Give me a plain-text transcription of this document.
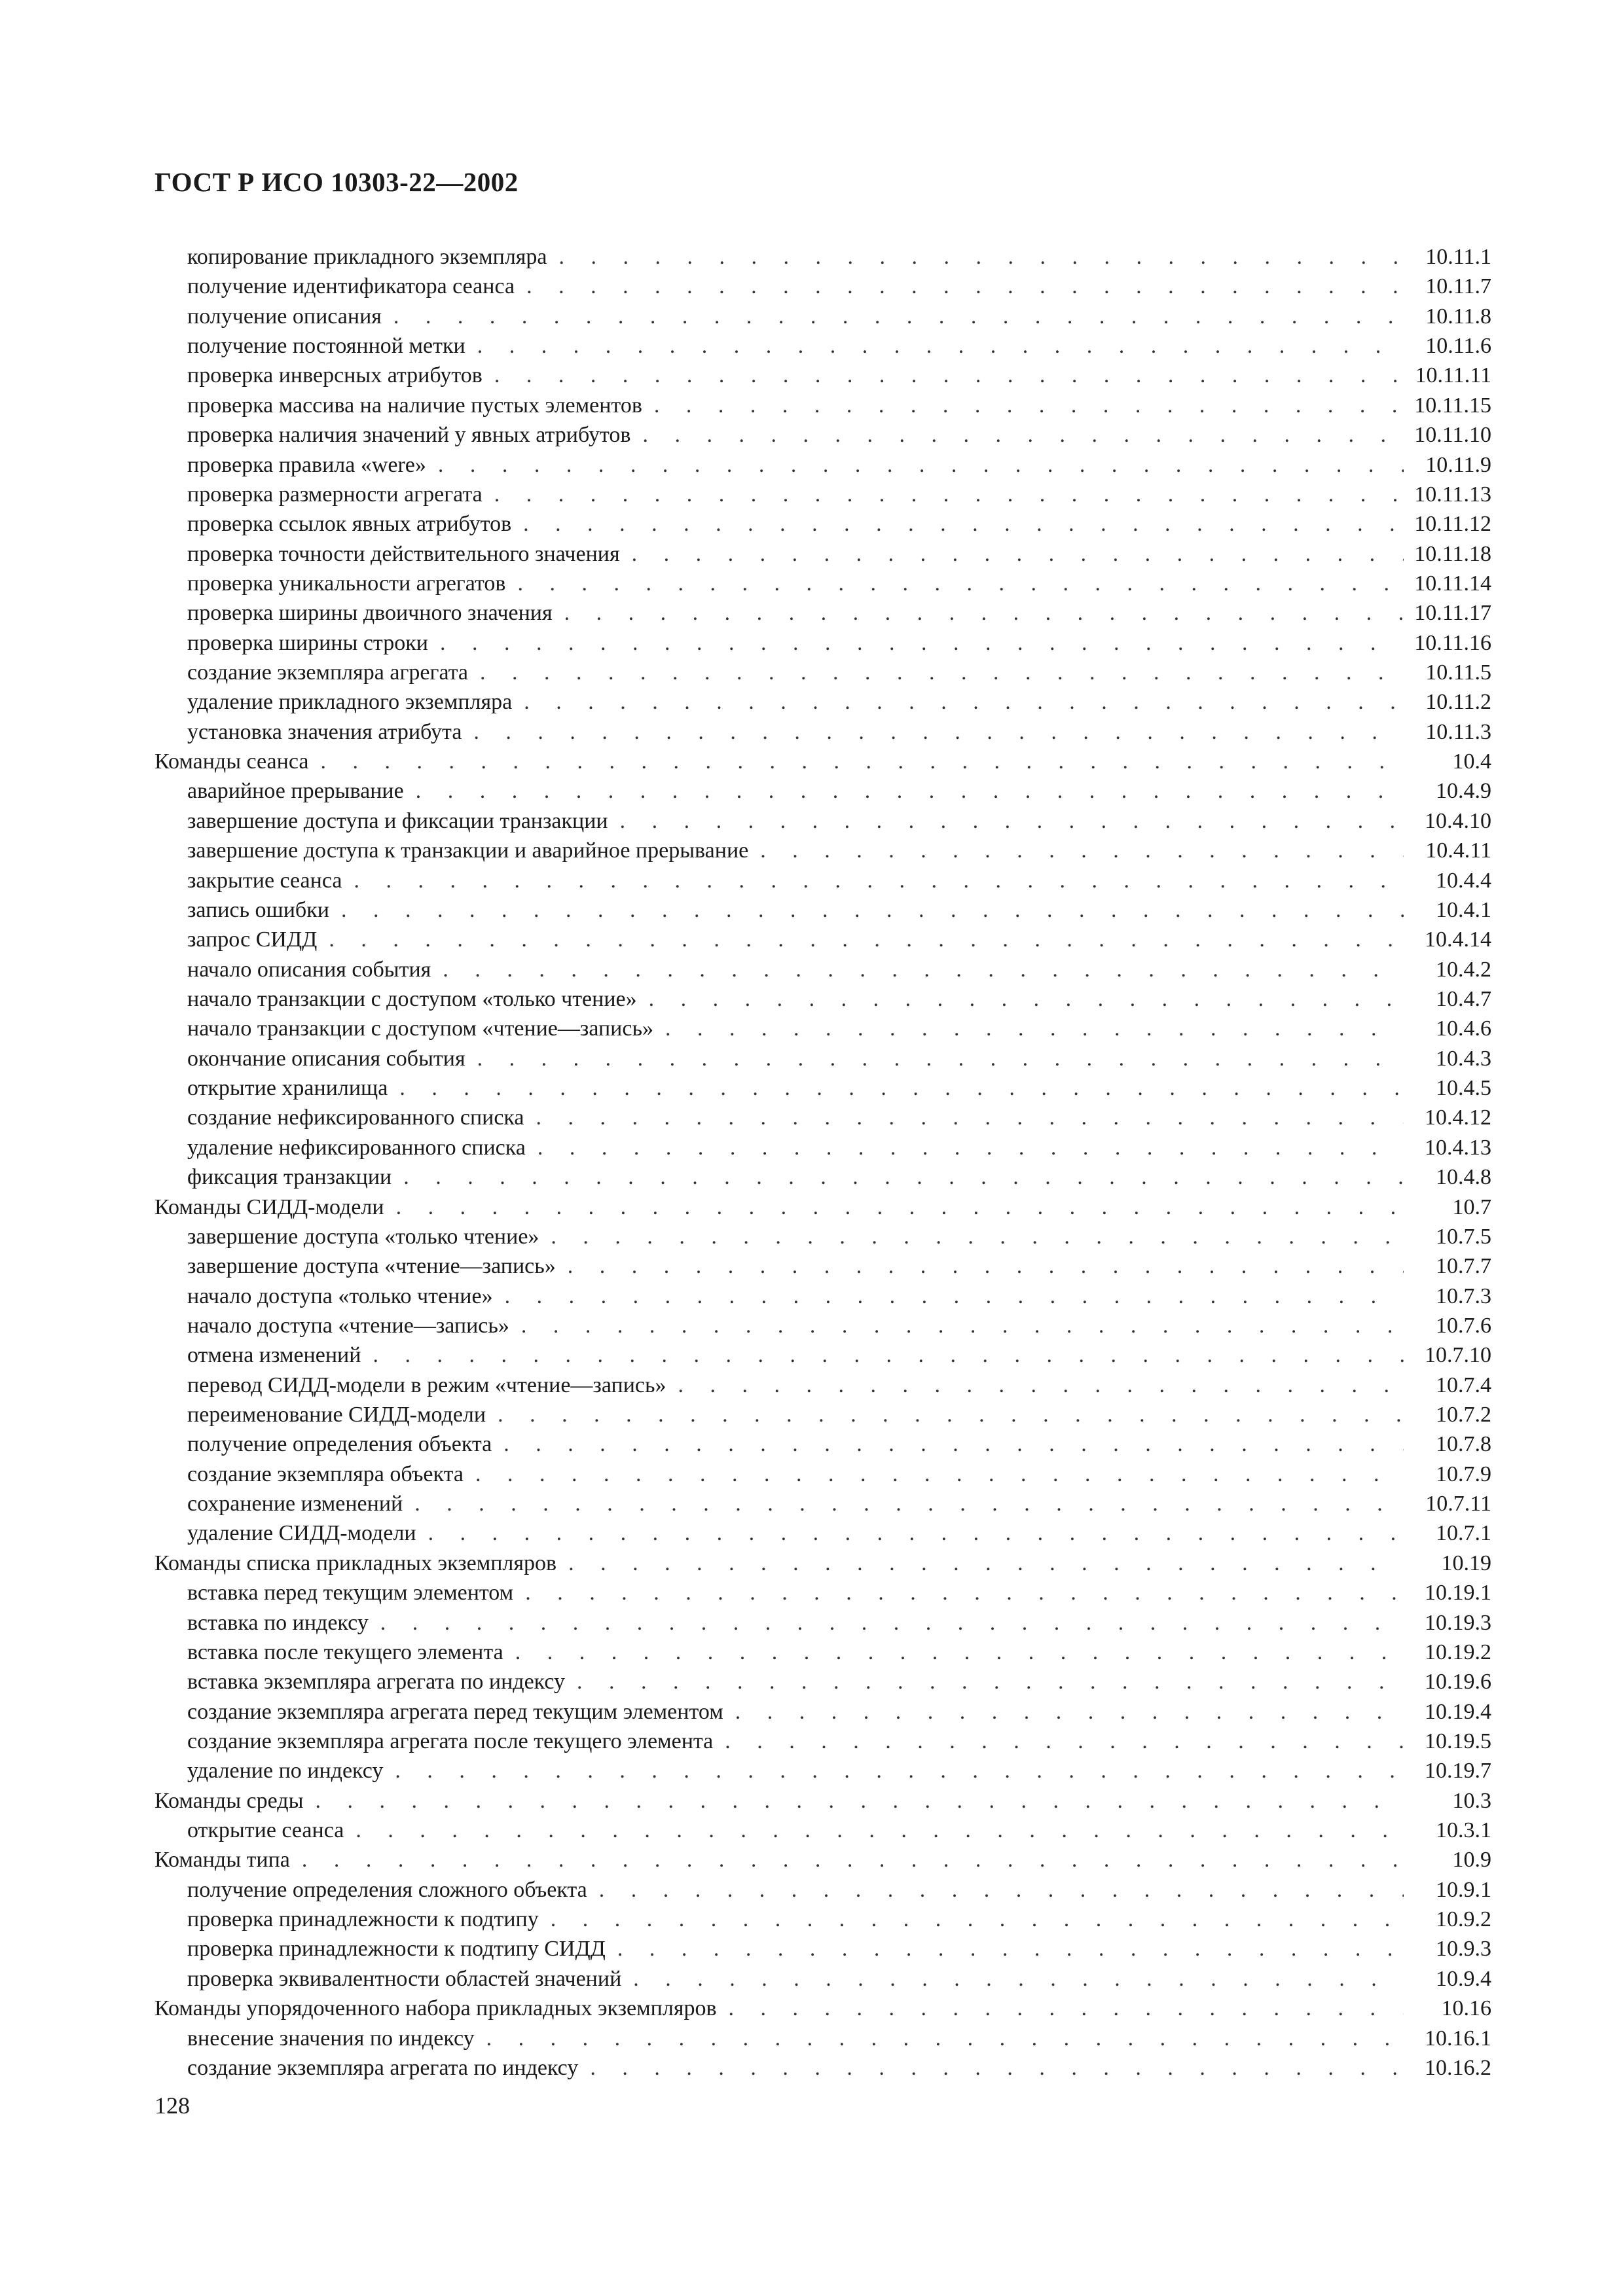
ГОСТ Р ИСО 10303-22—2002
копирование прикладного экземпляра . . .	10.11.1
получение идентификатора сеанса . . .	10.11.7
получение описания . . .	10.11.8
получение постоянной метки . . .	10.11.6
проверка инверсных атрибутов . . .	10.11.11
проверка массива на наличие пустых элементов . . .	10.11.15
проверка наличия значений у явных атрибутов . . .	10.11.10
проверка правила «were» . . .	10.11.9
проверка размерности агрегата . . .	10.11.13
проверка ссылок явных атрибутов . . .	10.11.12
проверка точности действительного значения . . .	10.11.18
проверка уникальности агрегатов . . .	10.11.14
проверка ширины двоичного значения . . .	10.11.17
проверка ширины строки . . .	10.11.16
создание экземпляра агрегата . . .	10.11.5
удаление прикладного экземпляра . . .	10.11.2
установка значения атрибута . . .	10.11.3
Команды сеанса . . .	10.4
аварийное прерывание . . .	10.4.9
завершение доступа и фиксации транзакции . . .	10.4.10
завершение доступа к транзакции и аварийное прерывание . . .	10.4.11
закрытие сеанса . . .	10.4.4
запись ошибки . . .	10.4.1
запрос СИДД . . .	10.4.14
начало описания события . . .	10.4.2
начало транзакции с доступом «только чтение» . . .	10.4.7
начало транзакции с доступом «чтение—запись» . . .	10.4.6
окончание описания события . . .	10.4.3
открытие хранилища . . .	10.4.5
создание нефиксированного списка . . .	10.4.12
удаление нефиксированного списка . . .	10.4.13
фиксация транзакции . . .	10.4.8
Команды СИДД-модели . . .	10.7
завершение доступа «только чтение» . . .	10.7.5
завершение доступа «чтение—запись» . . .	10.7.7
начало доступа «только чтение» . . .	10.7.3
начало доступа «чтение—запись» . . .	10.7.6
отмена изменений . . .	10.7.10
перевод СИДД-модели в режим «чтение—запись» . . .	10.7.4
переименование СИДД-модели . . .	10.7.2
получение определения объекта . . .	10.7.8
создание экземпляра объекта . . .	10.7.9
сохранение изменений . . .	10.7.11
удаление СИДД-модели . . .	10.7.1
Команды списка прикладных экземпляров . . .	10.19
вставка перед текущим элементом . . .	10.19.1
вставка по индексу . . .	10.19.3
вставка после текущего элемента . . .	10.19.2
вставка экземпляра агрегата по индексу . . .	10.19.6
создание экземпляра агрегата перед текущим элементом . . .	10.19.4
создание экземпляра агрегата после текущего элемента . . .	10.19.5
удаление по индексу . . .	10.19.7
Команды среды . . .	10.3
открытие сеанса . . .	10.3.1
Команды типа . . .	10.9
получение определения сложного объекта . . .	10.9.1
проверка принадлежности к подтипу . . .	10.9.2
проверка принадлежности к подтипу СИДД . . .	10.9.3
проверка эквивалентности областей значений . . .	10.9.4
Команды упорядоченного набора прикладных экземпляров . . .	10.16
внесение значения по индексу . . .	10.16.1
создание экземпляра агрегата по индексу . . .	10.16.2
128
